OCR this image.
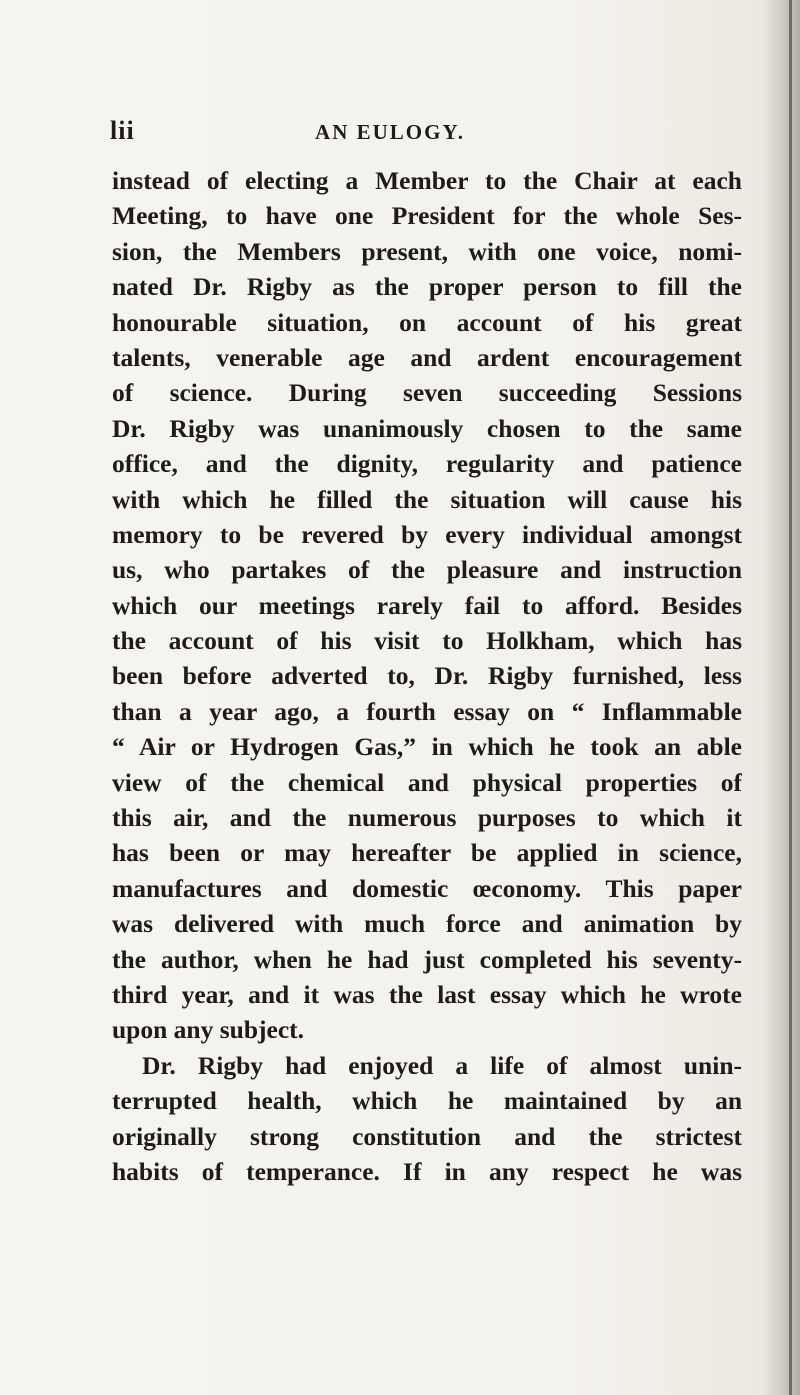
lii	AN EULOGY.
instead of electing a Member to the Chair at each
Meeting, to have one President for the whole Ses-
sion, the Members present, with one voice, nomi-
nated Dr. Rigby as the proper person to fill the
honourable situation, on account of his great
talents, venerable age and ardent encouragement
of science. During seven succeeding Sessions
Dr. Rigby was unanimously chosen to the same
office, and the dignity, regularity and patience
with which he filled the situation will cause his
memory to be revered by every individual amongst
us, who partakes of the pleasure and instruction
which our meetings rarely fail to afford. Besides
the account of his visit to Holkham, which has
been before adverted to, Dr. Rigby furnished, less
than a year ago, a fourth essay on “ Inflammable
“ Air or Hydrogen Gas,” in which he took an able
view of the chemical and physical properties of
this air, and the numerous purposes to which it
has been or may hereafter be applied in science,
manufactures and domestic œconomy. This paper
was delivered with much force and animation by
the author, when he had just completed his seventy-
third year, and it was the last essay which he wrote
upon any subject.
Dr. Rigby had enjoyed a life of almost unin-
terrupted health, which he maintained by an
originally strong constitution and the strictest
habits of temperance. If in any respect he was
